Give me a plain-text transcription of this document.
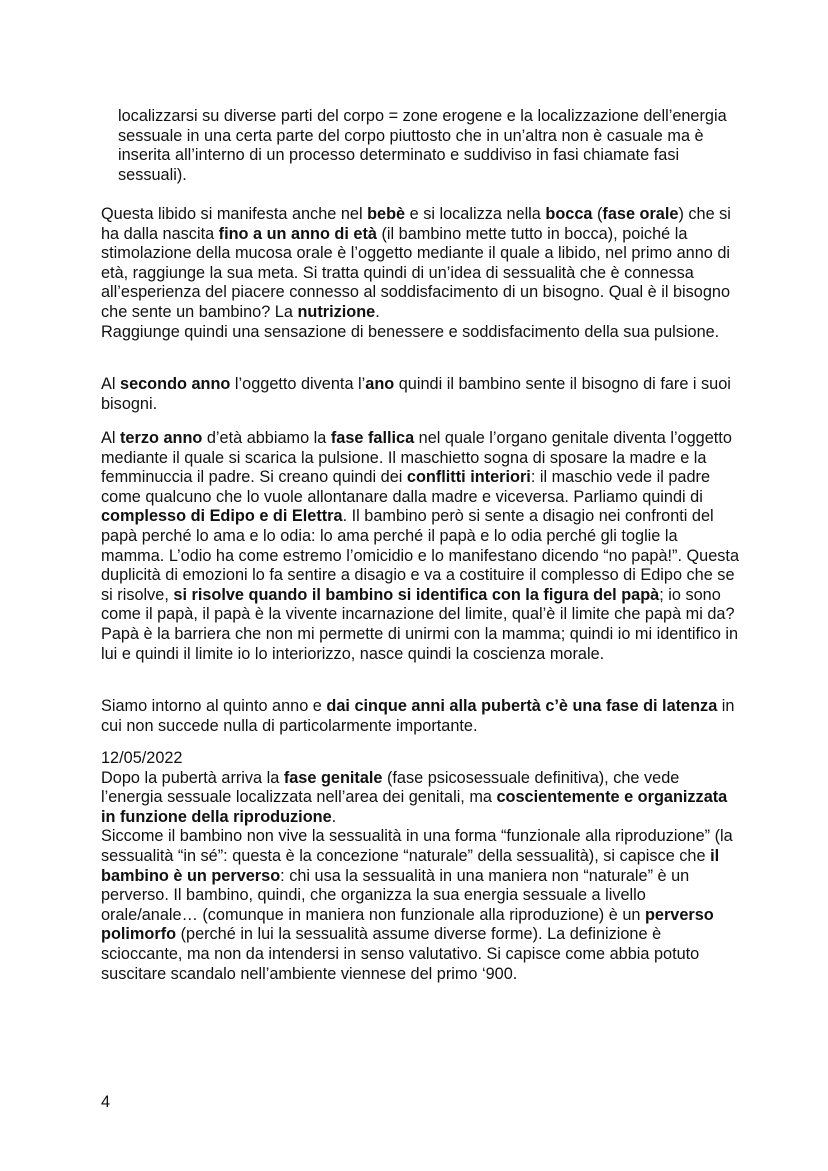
localizzarsi su diverse parti del corpo = zone erogene e la localizzazione dell’energia sessuale in una certa parte del corpo piuttosto che in un’altra non è casuale ma è inserita all’interno di un processo determinato e suddiviso in fasi chiamate fasi sessuali).
Questa libido si manifesta anche nel bebè e si localizza nella bocca (fase orale) che si ha dalla nascita fino a un anno di età (il bambino mette tutto in bocca), poiché la stimolazione della mucosa orale è l’oggetto mediante il quale a libido, nel primo anno di età, raggiunge la sua meta. Si tratta quindi di un’idea di sessualità che è connessa all’esperienza del piacere connesso al soddisfacimento di un bisogno. Qual è il bisogno che sente un bambino? La nutrizione.
Raggiunge quindi una sensazione di benessere e soddisfacimento della sua pulsione.
Al secondo anno l’oggetto diventa l’ano quindi il bambino sente il bisogno di fare i suoi bisogni.
Al terzo anno d’età abbiamo la fase fallica nel quale l’organo genitale diventa l’oggetto mediante il quale si scarica la pulsione. Il maschietto sogna di sposare la madre e la femminuccia il padre. Si creano quindi dei conflitti interiori: il maschio vede il padre come qualcuno che lo vuole allontanare dalla madre e viceversa. Parliamo quindi di complesso di Edipo e di Elettra. Il bambino però si sente a disagio nei confronti del papà perché lo ama e lo odia: lo ama perché il papà e lo odia perché gli toglie la mamma. L’odio ha come estremo l’omicidio e lo manifestano dicendo “no papà!”. Questa duplicità di emozioni lo fa sentire a disagio e va a costituire il complesso di Edipo che se si risolve, si risolve quando il bambino si identifica con la figura del papà; io sono come il papà, il papà è la vivente incarnazione del limite, qual’è il limite che papà mi da? Papà è la barriera che non mi permette di unirmi con la mamma; quindi io mi identifico in lui e quindi il limite io lo interiorizzo, nasce quindi la coscienza morale.
Siamo intorno al quinto anno e dai cinque anni alla pubertà c’è una fase di latenza in cui non succede nulla di particolarmente importante.
12/05/2022
Dopo la pubertà arriva la fase genitale (fase psicosessuale definitiva), che vede l’energia sessuale localizzata nell’area dei genitali, ma coscientemente e organizzata in funzione della riproduzione.
Siccome il bambino non vive la sessualità in una forma “funzionale alla riproduzione” (la sessualità “in sé”: questa è la concezione “naturale” della sessualità), si capisce che il bambino è un perverso: chi usa la sessualità in una maniera non “naturale” è un perverso. Il bambino, quindi, che organizza la sua energia sessuale a livello orale/anale… (comunque in maniera non funzionale alla riproduzione) è un perverso polimorfo (perché in lui la sessualità assume diverse forme). La definizione è scioccante, ma non da intendersi in senso valutativo. Si capisce come abbia potuto suscitare scandalo nell’ambiente viennese del primo ‘900.
4
